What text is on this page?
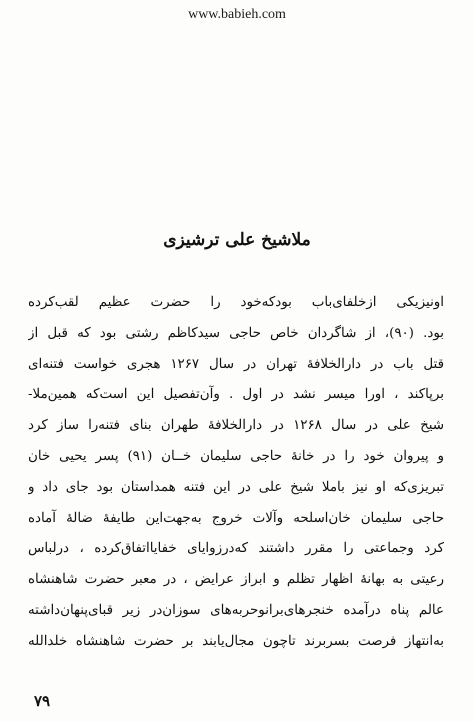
www.babieh.com
ملاشیخ علی ترشیزی
اونیزیکی ازخلفای‌باب بودکه‌خود را حضرت عظیم لقب‌کرده
بود. (۹۰)، از شاگردان خاص حاجی سیدکاظم رشتی بود که قبل از
قتل باب در دارالخلافهٔ تهران در سال ۱۲۶۷ هجری خواست فتنه‌ای
برپاکند ، اورا میسر نشد در اول . وآن‌تفصیل این است‌که همین‌ملا-
شیخ علی در سال ۱۲۶۸ در دارالخلافهٔ طهران بنای فتنه‌را ساز کرد
و پیروان خود را در خانهٔ حاجی سلیمان خــان (۹۱) پسر یحیی خان
تبریزی‌که او نیز باملا شیخ علی در این فتنه همداستان بود جای داد و
حاجی سلیمان خان‌اسلحه وآلات خروج به‌جهت‌این طایفهٔ ضالهٔ آماده‌
کرد وجماعتی را مقرر داشتند که‌درزوایای خفایااتفاق‌کرده ، درلباس
رعیتی به بهانهٔ اظهار تظلم و ابراز عرایض ، در معبر حضرت شاهنشاه
عالم پناه درآمده خنجرهای‌برانوحربه‌های سوزان‌در زیر قبای‌پنهان‌داشته
به‌انتهاز فرصت بسربرند تاچون مجال‌یابند بر حضرت شاهنشاه خلدالله
۷۹
